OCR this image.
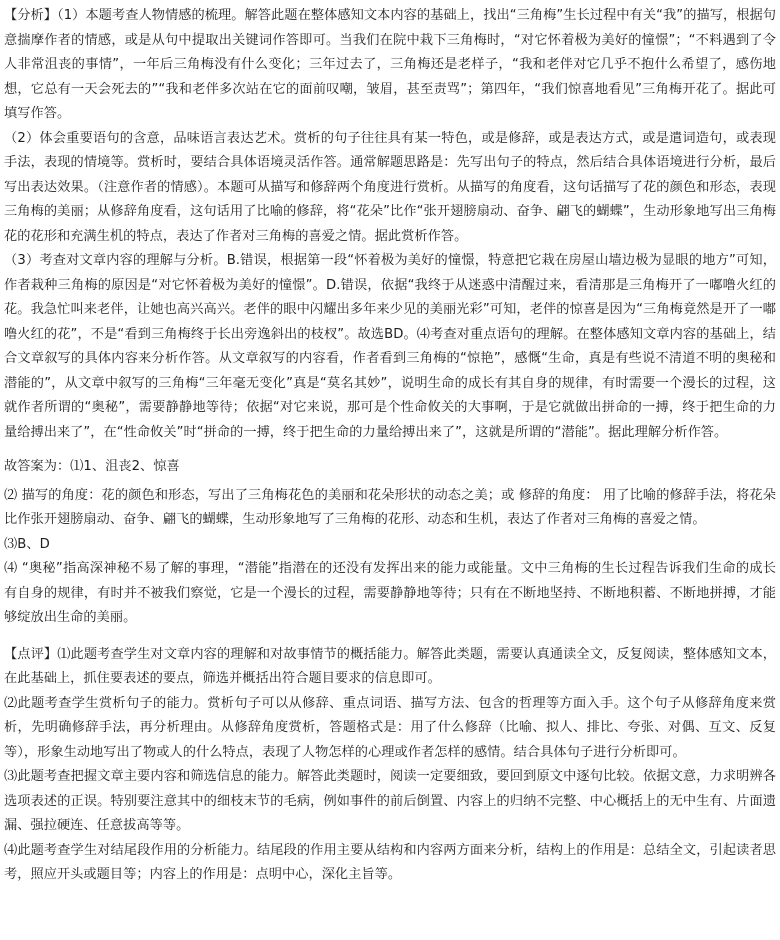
【分析】（1）本题考查人物情感的梳理。解答此题在整体感知文本内容的基础上，找出“三角梅”生长过程中有关“我”的描写，根据句意揣摩作者的情感，或是从句中提取出关键词作答即可。当我们在院中栽下三角梅时，“对它怀着极为美好的憧憬”；“不料遇到了令人非常沮丧的事情”，一年后三角梅没有什么变化；三年过去了，三角梅还是老样子，“我和老伴对它几乎不抱什么希望了，感伤地想，它总有一天会死去的”“我和老伴多次站在它的面前叹嘲，皱眉，甚至责骂”；第四年，“我们惊喜地看见”三角梅开花了。据此可填写作答。

（2）体会重要语句的含意，品味语言表达艺术。赏析的句子往往具有某一特色，或是修辞，或是表达方式，或是遣词造句，或表现手法，表现的情境等。赏析时，要结合具体语境灵活作答。通常解题思路是：先写出句子的特点，然后结合具体语境进行分析，最后写出表达效果。（注意作者的情感）。本题可从描写和修辞两个角度进行赏析。从描写的角度看，这句话描写了花的颜色和形态，表现三角梅的美丽；从修辞角度看，这句话用了比喻的修辞，将“花朵”比作“张开翅膀扇动、奋争、翩飞的蝴蝶”，生动形象地写出三角梅花的花形和充满生机的特点，表达了作者对三角梅的喜爱之情。据此赏析作答。

（3）考查对文章内容的理解与分析。B.错误，根据第一段“怀着极为美好的憧憬，特意把它栽在房屋山墙边极为显眼的地方”可知，作者栽种三角梅的原因是“对它怀着极为美好的憧憬”。D.错误，依据“我终于从迷惑中清醒过来，看清那是三角梅开了一嘟噜火红的花。我急忙叫来老伴，让她也高兴高兴。老伴的眼中闪耀出多年来少见的美丽光彩”可知，老伴的惊喜是因为“三角梅竟然是开了一嘟噜火红的花”，不是“看到三角梅终于长出旁逸斜出的枝杈”。故选BD。⑷考查对重点语句的理解。在整体感知文章内容的基础上，结合文章叙写的具体内容来分析作答。从文章叙写的内容看，作者看到三角梅的“惊艳”，感慨“生命，真是有些说不清道不明的奥秘和潜能的”，从文章中叙写的三角梅“三年毫无变化”真是“莫名其妙”，说明生命的成长有其自身的规律，有时需要一个漫长的过程，这就作者所谓的“奥秘”，需要静静地等待；依据“对它来说，那可是个性命攸关的大事啊，于是它就做出拼命的一搏，终于把生命的力量给搏出来了”，在“性命攸关”时“拼命的一搏，终于把生命的力量给搏出来了”，这就是所谓的“潜能”。据此理解分析作答。

故答案为：⑴1、沮丧2、惊喜

⑵ 描写的角度：花的颜色和形态，写出了三角梅花色的美丽和花朵形状的动态之美；或 修辞的角度： 用了比喻的修辞手法，将花朵比作张开翅膀扇动、奋争、翩飞的蝴蝶，生动形象地写了三角梅的花形、动态和生机，表达了作者对三角梅的喜爱之情。

⑶B、D

⑷ “奥秘”指高深神秘不易了解的事理，“潜能”指潜在的还没有发挥出来的能力或能量。文中三角梅的生长过程告诉我们生命的成长有自身的规律，有时并不被我们察觉，它是一个漫长的过程，需要静静地等待；只有在不断地坚持、不断地积蓄、不断地拼搏，才能够绽放出生命的美丽。

【点评】⑴此题考查学生对文章内容的理解和对故事情节的概括能力。解答此类题，需要认真通读全文，反复阅读，整体感知文本，在此基础上，抓住要表述的要点，筛选并概括出符合题目要求的信息即可。

⑵此题考查学生赏析句子的能力。赏析句子可以从修辞、重点词语、描写方法、包含的哲理等方面入手。这个句子从修辞角度来赏析，先明确修辞手法，再分析理由。从修辞角度赏析，答题格式是：用了什么修辞（比喻、拟人、排比、夸张、对偶、互文、反复等），形象生动地写出了物或人的什么特点，表现了人物怎样的心理或作者怎样的感情。结合具体句子进行分析即可。

⑶此题考查把握文章主要内容和筛选信息的能力。解答此类题时，阅读一定要细致，要回到原文中逐句比较。依据文意，力求明辨各选项表述的正误。特别要注意其中的细枝末节的毛病，例如事件的前后倒置、内容上的归纳不完整、中心概括上的无中生有、片面遗漏、强拉硬连、任意拔高等等。

⑷此题考查学生对结尾段作用的分析能力。结尾段的作用主要从结构和内容两方面来分析，结构上的作用是：总结全文，引起读者思考，照应开头或题目等；内容上的作用是：点明中心，深化主旨等。
